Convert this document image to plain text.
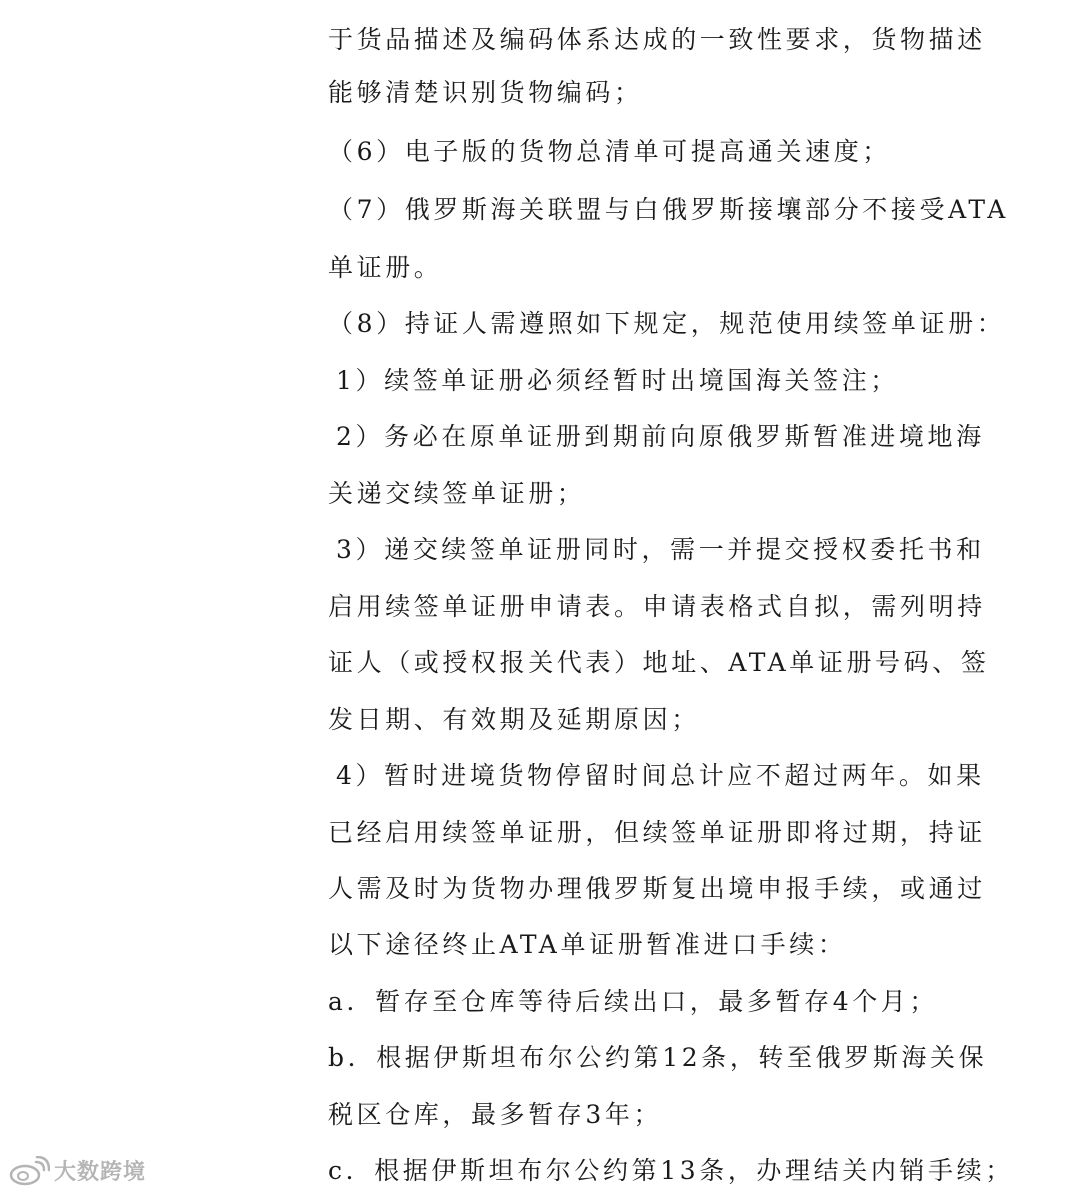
于货品描述及编码体系达成的一致性要求，货物描述
能够清楚识别货物编码；
（6）电子版的货物总清单可提高通关速度；
（7）俄罗斯海关联盟与白俄罗斯接壤部分不接受ATA
单证册。
（8）持证人需遵照如下规定，规范使用续签单证册：
1）续签单证册必须经暂时出境国海关签注；
2）务必在原单证册到期前向原俄罗斯暂准进境地海
关递交续签单证册；
3）递交续签单证册同时，需一并提交授权委托书和
启用续签单证册申请表。申请表格式自拟，需列明持
证人（或授权报关代表）地址、ATA单证册号码、签
发日期、有效期及延期原因；
4）暂时进境货物停留时间总计应不超过两年。如果
已经启用续签单证册，但续签单证册即将过期，持证
人需及时为货物办理俄罗斯复出境申报手续，或通过
以下途径终止ATA单证册暂准进口手续：
a．暂存至仓库等待后续出口，最多暂存4个月；
b．根据伊斯坦布尔公约第12条，转至俄罗斯海关保
税区仓库，最多暂存3年；
c．根据伊斯坦布尔公约第13条，办理结关内销手续；
大数跨境
